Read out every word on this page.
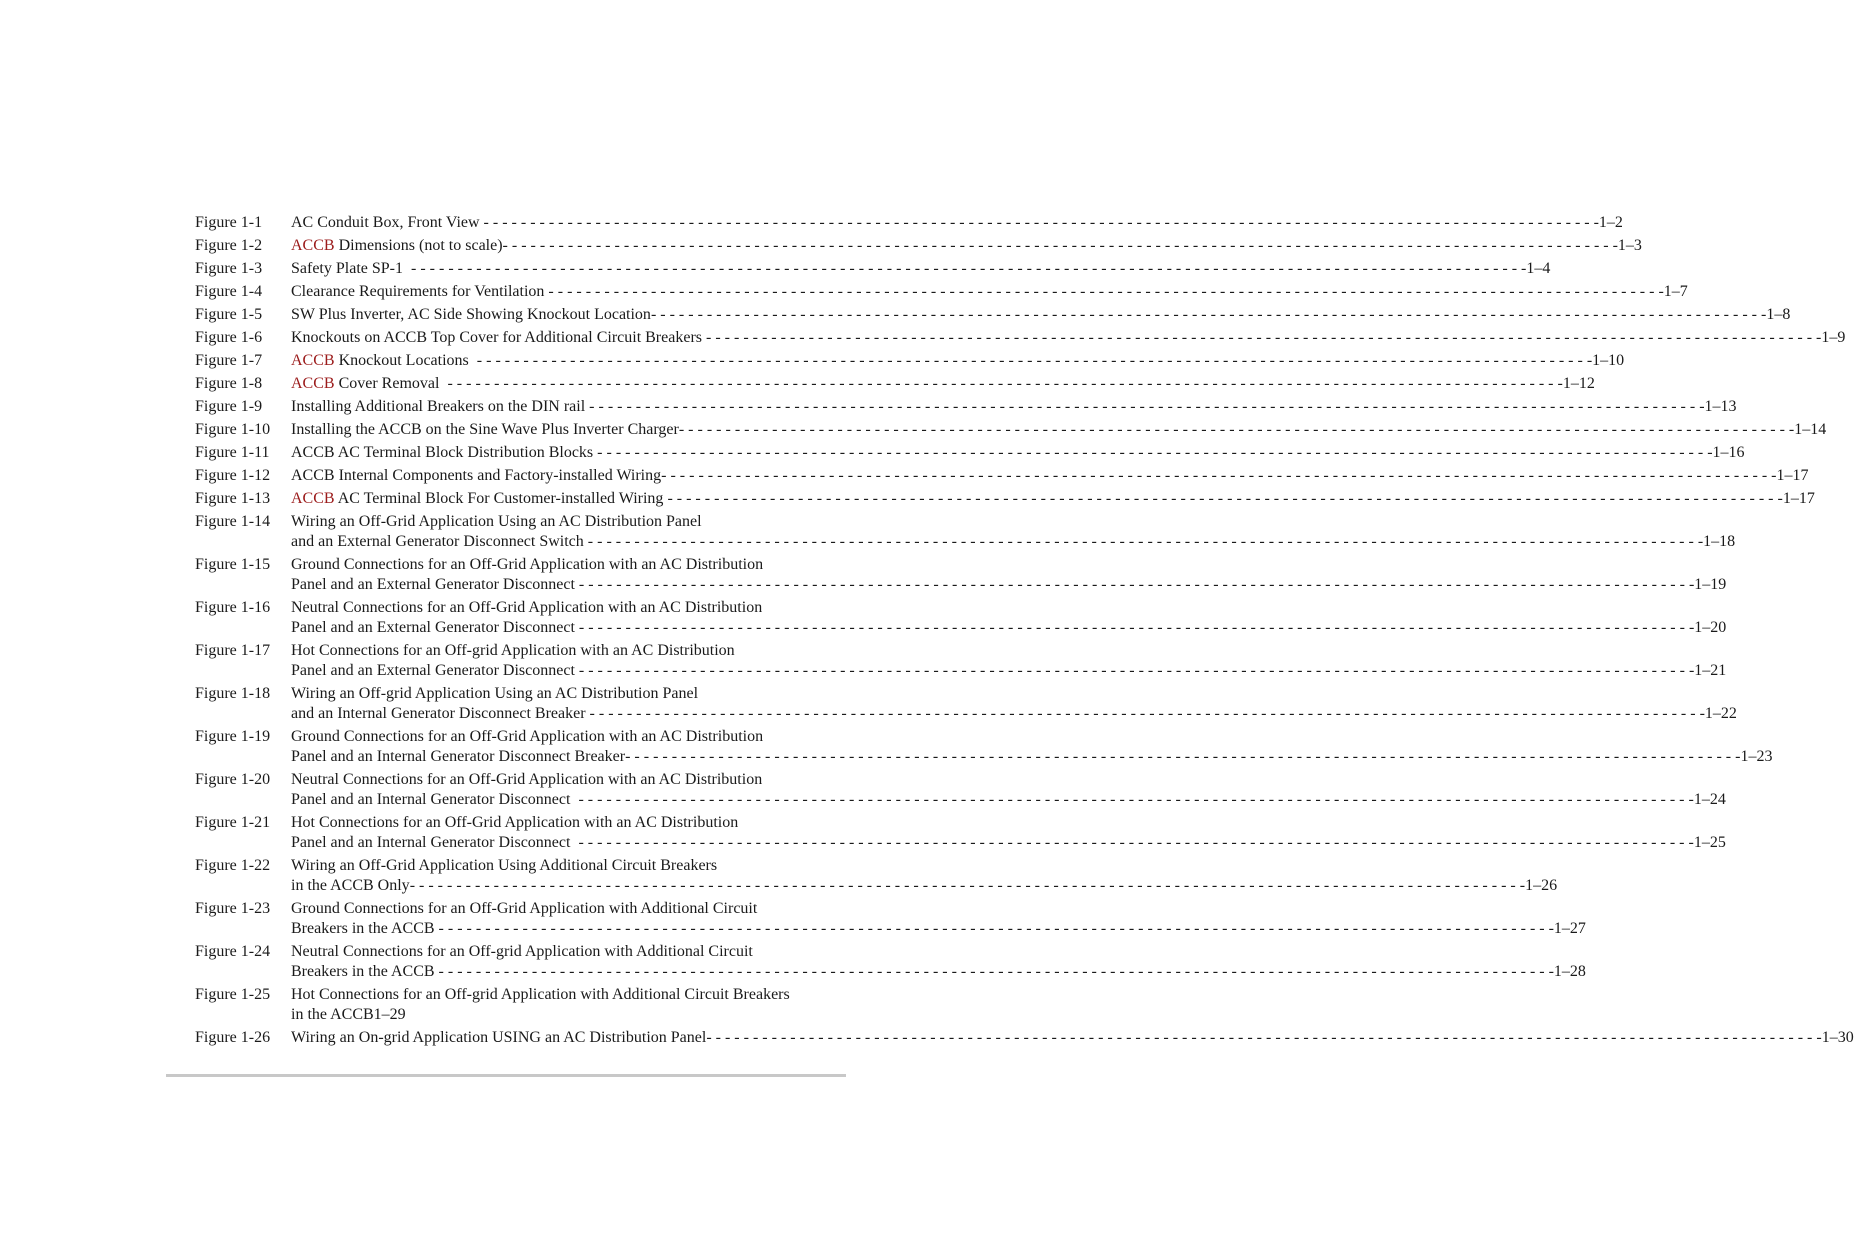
Figure 1-1	AC Conduit Box, Front View - - - - - - - - - - - - - - - - - - - - - - - - - - - - - - - - - - - - - - - - - - - - - - - - - - - - - - - - - - - - - - - - - - - - - - - - - - - - - - - - - - - - - - - - - - - - - - - - - - - - - - - - - - - - - - - - - - - - - - - - 1–2
Figure 1-2	ACCB Dimensions (not to scale) - - - - - - - - - - - - - - - - - - - - - - - - - - - - - - - - - - - - - - - - - - - - - - - - - - - - - - - - - - - - - - - - - - - - - - - - - - - - - - - - - - - - - - - - - - - - - - - - - - - - - - - - - - - - - - - - - - - - - - - - 1–3
Figure 1-3	Safety Plate SP-1 - - - - - - - - - - - - - - - - - - - - - - - - - - - - - - - - - - - - - - - - - - - - - - - - - - - - - - - - - - - - - - - - - - - - - - - - - - - - - - - - - - - - - - - - - - - - - - - - - - - - - - - - - - - - - - - - - - - - - - - - 1–4
Figure 1-4	Clearance Requirements for Ventilation - - - - - - - - - - - - - - - - - - - - - - - - - - - - - - - - - - - - - - - - - - - - - - - - - - - - - - - - - - - - - - - - - - - - - - - - - - - - - - - - - - - - - - - - - - - - - - - - - - - - - - - - - - - - - - - - - - - - - - - - 1–7
Figure 1-5	SW Plus Inverter, AC Side Showing Knockout Location - - - - - - - - - - - - - - - - - - - - - - - - - - - - - - - - - - - - - - - - - - - - - - - - - - - - - - - - - - - - - - - - - - - - - - - - - - - - - - - - - - - - - - - - - - - - - - - - - - - - - - - - - - - - - - - - - - - - - - - - 1–8
Figure 1-6	Knockouts on ACCB Top Cover for Additional Circuit Breakers - - - - - - - - - - - - - - - - - - - - - - - - - - - - - - - - - - - - - - - - - - - - - - - - - - - - - - - - - - - - - - - - - - - - - - - - - - - - - - - - - - - - - - - - - - - - - - - - - - - - - - - - - - - - - - - - - - - - - - - - 1–9
Figure 1-7	ACCB Knockout Locations - - - - - - - - - - - - - - - - - - - - - - - - - - - - - - - - - - - - - - - - - - - - - - - - - - - - - - - - - - - - - - - - - - - - - - - - - - - - - - - - - - - - - - - - - - - - - - - - - - - - - - - - - - - - - - - - - - - - - - - - 1–10
Figure 1-8	ACCB Cover Removal - - - - - - - - - - - - - - - - - - - - - - - - - - - - - - - - - - - - - - - - - - - - - - - - - - - - - - - - - - - - - - - - - - - - - - - - - - - - - - - - - - - - - - - - - - - - - - - - - - - - - - - - - - - - - - - - - - - - - - - - 1–12
Figure 1-9	Installing Additional Breakers on the DIN rail - - - - - - - - - - - - - - - - - - - - - - - - - - - - - - - - - - - - - - - - - - - - - - - - - - - - - - - - - - - - - - - - - - - - - - - - - - - - - - - - - - - - - - - - - - - - - - - - - - - - - - - - - - - - - - - - - - - - - - - - 1–13
Figure 1-10	Installing the ACCB on the Sine Wave Plus Inverter Charger - - - - - - - - - - - - - - - - - - - - - - - - - - - - - - - - - - - - - - - - - - - - - - - - - - - - - - - - - - - - - - - - - - - - - - - - - - - - - - - - - - - - - - - - - - - - - - - - - - - - - - - - - - - - - - - - - - - - - - - - 1–14
Figure 1-11	ACCB AC Terminal Block Distribution Blocks - - - - - - - - - - - - - - - - - - - - - - - - - - - - - - - - - - - - - - - - - - - - - - - - - - - - - - - - - - - - - - - - - - - - - - - - - - - - - - - - - - - - - - - - - - - - - - - - - - - - - - - - - - - - - - - - - - - - - - - - 1–16
Figure 1-12	ACCB Internal Components and Factory-installed Wiring - - - - - - - - - - - - - - - - - - - - - - - - - - - - - - - - - - - - - - - - - - - - - - - - - - - - - - - - - - - - - - - - - - - - - - - - - - - - - - - - - - - - - - - - - - - - - - - - - - - - - - - - - - - - - - - - - - - - - - - - 1–17
Figure 1-13	ACCB AC Terminal Block For Customer-installed Wiring - - - - - - - - - - - - - - - - - - - - - - - - - - - - - - - - - - - - - - - - - - - - - - - - - - - - - - - - - - - - - - - - - - - - - - - - - - - - - - - - - - - - - - - - - - - - - - - - - - - - - - - - - - - - - - - - - - - - - - - - 1–17
Figure 1-14	Wiring an Off-Grid Application Using an AC Distribution Panel
and an External Generator Disconnect Switch - - - - - - - - - - - - - - - - - - - - - - - - - - - - - - - - - - - - - - - - - - - - - - - - - - - - - - - - - - - - - - - - - - - - - - - - - - - - - - - - - - - - - - - - - - - - - - - - - - - - - - - - - - - - - - - - - - - - - - - - 1–18
Figure 1-15	Ground Connections for an Off-Grid Application with an AC Distribution
Panel and an External Generator Disconnect - - - - - - - - - - - - - - - - - - - - - - - - - - - - - - - - - - - - - - - - - - - - - - - - - - - - - - - - - - - - - - - - - - - - - - - - - - - - - - - - - - - - - - - - - - - - - - - - - - - - - - - - - - - - - - - - - - - - - - - - 1–19
Figure 1-16	Neutral Connections for an Off-Grid Application with an AC Distribution
Panel and an External Generator Disconnect - - - - - - - - - - - - - - - - - - - - - - - - - - - - - - - - - - - - - - - - - - - - - - - - - - - - - - - - - - - - - - - - - - - - - - - - - - - - - - - - - - - - - - - - - - - - - - - - - - - - - - - - - - - - - - - - - - - - - - - - 1–20
Figure 1-17	Hot Connections for an Off-grid Application with an AC Distribution
Panel and an External Generator Disconnect - - - - - - - - - - - - - - - - - - - - - - - - - - - - - - - - - - - - - - - - - - - - - - - - - - - - - - - - - - - - - - - - - - - - - - - - - - - - - - - - - - - - - - - - - - - - - - - - - - - - - - - - - - - - - - - - - - - - - - - - 1–21
Figure 1-18	Wiring an Off-grid Application Using an AC Distribution Panel
and an Internal Generator Disconnect Breaker - - - - - - - - - - - - - - - - - - - - - - - - - - - - - - - - - - - - - - - - - - - - - - - - - - - - - - - - - - - - - - - - - - - - - - - - - - - - - - - - - - - - - - - - - - - - - - - - - - - - - - - - - - - - - - - - - - - - - - - - 1–22
Figure 1-19	Ground Connections for an Off-Grid Application with an AC Distribution
Panel and an Internal Generator Disconnect Breaker - - - - - - - - - - - - - - - - - - - - - - - - - - - - - - - - - - - - - - - - - - - - - - - - - - - - - - - - - - - - - - - - - - - - - - - - - - - - - - - - - - - - - - - - - - - - - - - - - - - - - - - - - - - - - - - - - - - - - - - - 1–23
Figure 1-20	Neutral Connections for an Off-Grid Application with an AC Distribution
Panel and an Internal Generator Disconnect - - - - - - - - - - - - - - - - - - - - - - - - - - - - - - - - - - - - - - - - - - - - - - - - - - - - - - - - - - - - - - - - - - - - - - - - - - - - - - - - - - - - - - - - - - - - - - - - - - - - - - - - - - - - - - - - - - - - - - - - 1–24
Figure 1-21	Hot Connections for an Off-Grid Application with an AC Distribution
Panel and an Internal Generator Disconnect - - - - - - - - - - - - - - - - - - - - - - - - - - - - - - - - - - - - - - - - - - - - - - - - - - - - - - - - - - - - - - - - - - - - - - - - - - - - - - - - - - - - - - - - - - - - - - - - - - - - - - - - - - - - - - - - - - - - - - - - 1–25
Figure 1-22	Wiring an Off-Grid Application Using Additional Circuit Breakers
in the ACCB Only - - - - - - - - - - - - - - - - - - - - - - - - - - - - - - - - - - - - - - - - - - - - - - - - - - - - - - - - - - - - - - - - - - - - - - - - - - - - - - - - - - - - - - - - - - - - - - - - - - - - - - - - - - - - - - - - - - - - - - - - 1–26
Figure 1-23	Ground Connections for an Off-Grid Application with Additional Circuit
Breakers in the ACCB - - - - - - - - - - - - - - - - - - - - - - - - - - - - - - - - - - - - - - - - - - - - - - - - - - - - - - - - - - - - - - - - - - - - - - - - - - - - - - - - - - - - - - - - - - - - - - - - - - - - - - - - - - - - - - - - - - - - - - - - 1–27
Figure 1-24	Neutral Connections for an Off-grid Application with Additional Circuit
Breakers in the ACCB - - - - - - - - - - - - - - - - - - - - - - - - - - - - - - - - - - - - - - - - - - - - - - - - - - - - - - - - - - - - - - - - - - - - - - - - - - - - - - - - - - - - - - - - - - - - - - - - - - - - - - - - - - - - - - - - - - - - - - - - 1–28
Figure 1-25	Hot Connections for an Off-grid Application with Additional Circuit Breakers
in the ACCB1–29
Figure 1-26	Wiring an On-grid Application USING an AC Distribution Panel - - - - - - - - - - - - - - - - - - - - - - - - - - - - - - - - - - - - - - - - - - - - - - - - - - - - - - - - - - - - - - - - - - - - - - - - - - - - - - - - - - - - - - - - - - - - - - - - - - - - - - - - - - - - - - - - - - - - - - - - 1–30
